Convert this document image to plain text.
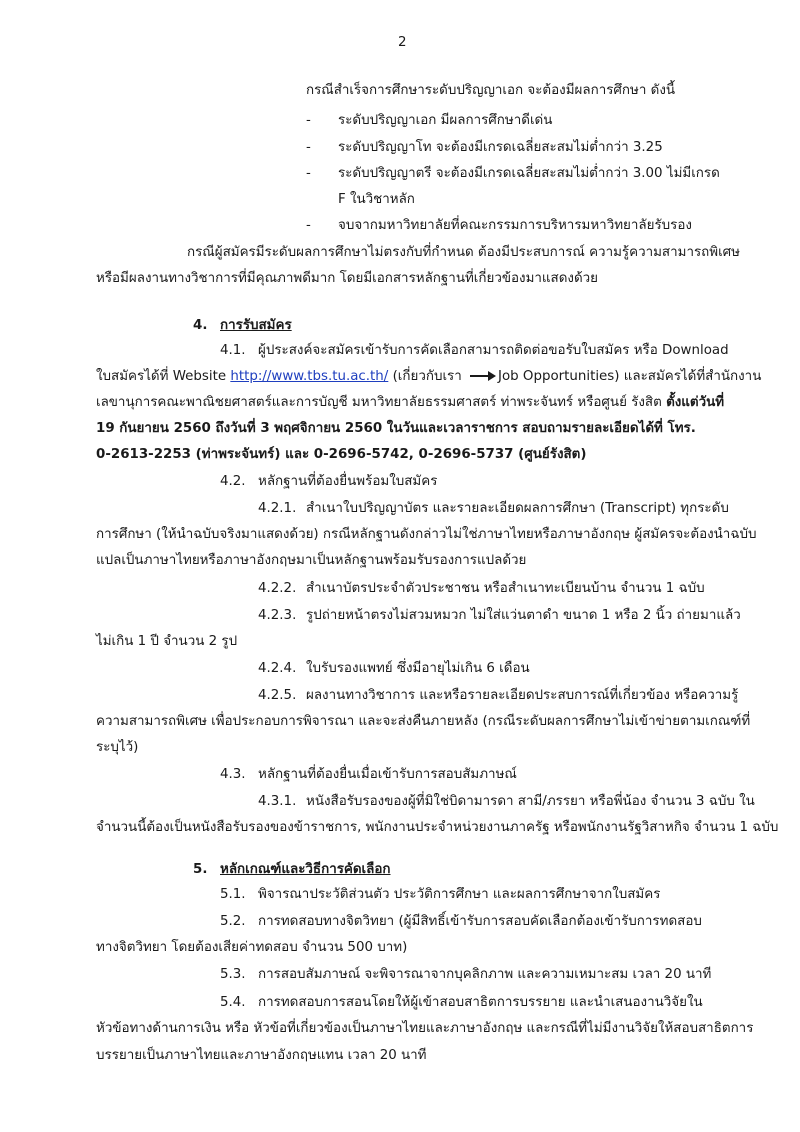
2
กรณีสำเร็จการศึกษาระดับปริญญาเอก จะต้องมีผลการศึกษา ดังนี้
- ระดับปริญญาเอก มีผลการศึกษาดีเด่น
- ระดับปริญญาโท จะต้องมีเกรดเฉลี่ยสะสมไม่ต่ำกว่า 3.25
- ระดับปริญญาตรี จะต้องมีเกรดเฉลี่ยสะสมไม่ต่ำกว่า 3.00 ไม่มีเกรด
F ในวิชาหลัก
- จบจากมหาวิทยาลัยที่คณะกรรมการบริหารมหาวิทยาลัยรับรอง
กรณีผู้สมัครมีระดับผลการศึกษาไม่ตรงกับที่กำหนด ต้องมีประสบการณ์ ความรู้ความสามารถพิเศษ
หรือมีผลงานทางวิชาการที่มีคุณภาพดีมาก โดยมีเอกสารหลักฐานที่เกี่ยวข้องมาแสดงด้วย
4. การรับสมัคร
4.1. ผู้ประสงค์จะสมัครเข้ารับการคัดเลือกสามารถติดต่อขอรับใบสมัคร หรือ Download
ใบสมัครได้ที่ Website http://www.tbs.tu.ac.th/ (เกี่ยวกับเรา Job Opportunities) และสมัครได้ที่สำนักงาน
เลขานุการคณะพาณิชยศาสตร์และการบัญชี มหาวิทยาลัยธรรมศาสตร์ ท่าพระจันทร์ หรือศูนย์ รังสิต ตั้งแต่วันที่
19 กันยายน 2560 ถึงวันที่ 3 พฤศจิกายน 2560 ในวันและเวลาราชการ สอบถามรายละเอียดได้ที่ โทร.
0-2613-2253 (ท่าพระจันทร์) และ 0-2696-5742, 0-2696-5737 (ศูนย์รังสิต)
4.2. หลักฐานที่ต้องยื่นพร้อมใบสมัคร
4.2.1. สำเนาใบปริญญาบัตร และรายละเอียดผลการศึกษา (Transcript) ทุกระดับ
การศึกษา (ให้นำฉบับจริงมาแสดงด้วย) กรณีหลักฐานดังกล่าวไม่ใช่ภาษาไทยหรือภาษาอังกฤษ ผู้สมัครจะต้องนำฉบับ
แปลเป็นภาษาไทยหรือภาษาอังกฤษมาเป็นหลักฐานพร้อมรับรองการแปลด้วย
4.2.2. สำเนาบัตรประจำตัวประชาชน หรือสำเนาทะเบียนบ้าน จำนวน 1 ฉบับ
4.2.3. รูปถ่ายหน้าตรงไม่สวมหมวก ไม่ใส่แว่นตาดำ ขนาด 1 หรือ 2 นิ้ว ถ่ายมาแล้ว
ไม่เกิน 1 ปี จำนวน 2 รูป
4.2.4. ใบรับรองแพทย์ ซึ่งมีอายุไม่เกิน 6 เดือน
4.2.5. ผลงานทางวิชาการ และหรือรายละเอียดประสบการณ์ที่เกี่ยวข้อง หรือความรู้
ความสามารถพิเศษ เพื่อประกอบการพิจารณา และจะส่งคืนภายหลัง (กรณีระดับผลการศึกษาไม่เข้าข่ายตามเกณฑ์ที่
ระบุไว้)
4.3. หลักฐานที่ต้องยื่นเมื่อเข้ารับการสอบสัมภาษณ์
4.3.1. หนังสือรับรองของผู้ที่มิใช่บิดามารดา สามี/ภรรยา หรือพี่น้อง จำนวน 3 ฉบับ ใน
จำนวนนี้ต้องเป็นหนังสือรับรองของข้าราชการ, พนักงานประจำหน่วยงานภาครัฐ หรือพนักงานรัฐวิสาหกิจ จำนวน 1 ฉบับ
5. หลักเกณฑ์และวิธีการคัดเลือก
5.1. พิจารณาประวัติส่วนตัว ประวัติการศึกษา และผลการศึกษาจากใบสมัคร
5.2. การทดสอบทางจิตวิทยา (ผู้มีสิทธิ์เข้ารับการสอบคัดเลือกต้องเข้ารับการทดสอบ
ทางจิตวิทยา โดยต้องเสียค่าทดสอบ จำนวน 500 บาท)
5.3. การสอบสัมภาษณ์ จะพิจารณาจากบุคลิกภาพ และความเหมาะสม เวลา 20 นาที
5.4. การทดสอบการสอนโดยให้ผู้เข้าสอบสาธิตการบรรยาย และนำเสนองานวิจัยใน
หัวข้อทางด้านการเงิน หรือ หัวข้อที่เกี่ยวข้องเป็นภาษาไทยและภาษาอังกฤษ และกรณีที่ไม่มีงานวิจัยให้สอบสาธิตการ
บรรยายเป็นภาษาไทยและภาษาอังกฤษแทน เวลา 20 นาที
